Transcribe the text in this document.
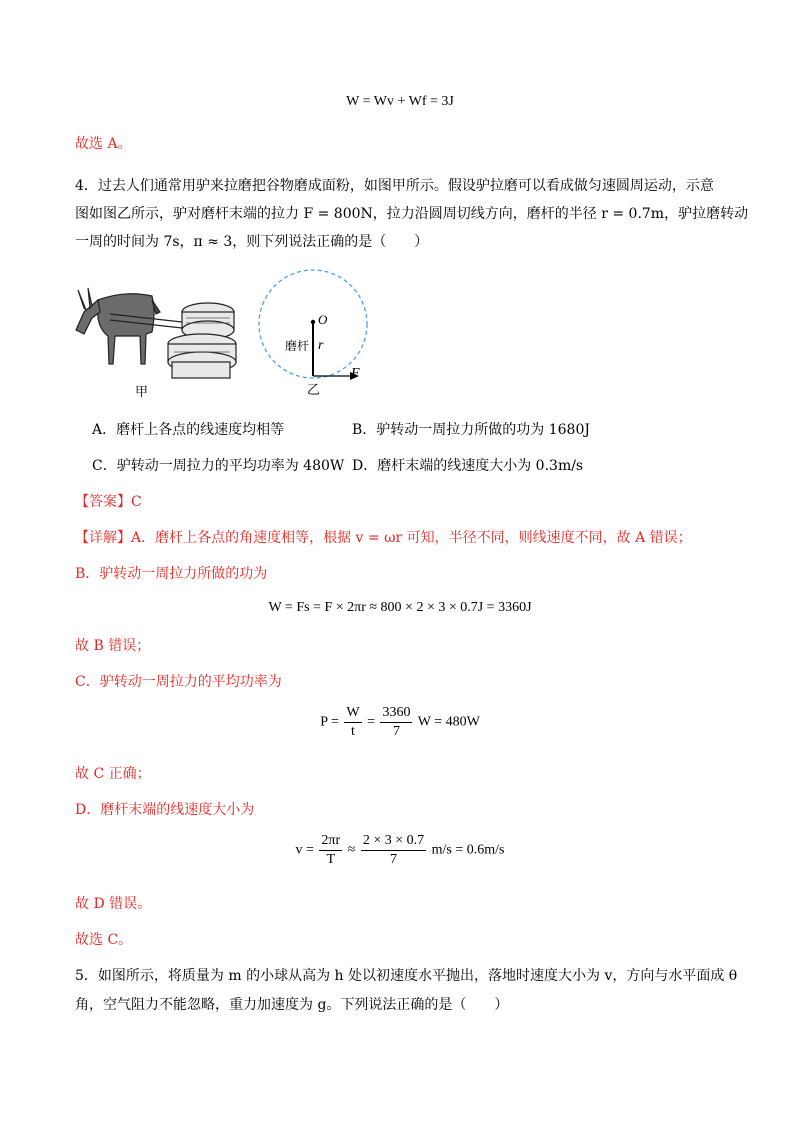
W = Wv + Wf = 3J
故选 A。
4．过去人们通常用驴来拉磨把谷物磨成面粉，如图甲所示。假设驴拉磨可以看成做匀速圆周运动，示意
图如图乙所示，驴对磨杆末端的拉力 F = 800N，拉力沿圆周切线方向，磨杆的半径 r = 0.7m，驴拉磨转动
一周的时间为 7s，π ≈ 3，则下列说法正确的是（　　）
甲
O
磨杆 r
F
乙
A．磨杆上各点的线速度均相等	B．驴转动一周拉力所做的功为 1680J
C．驴转动一周拉力的平均功率为 480W D．磨杆末端的线速度大小为 0.3m/s
【答案】C
【详解】A．磨杆上各点的角速度相等，根据 v = ωr 可知，半径不同，则线速度不同，故 A 错误；
B．驴转动一周拉力所做的功为
W = Fs = F × 2πr ≈ 800 × 2 × 3 × 0.7J = 3360J
故 B 错误；
C．驴转动一周拉力的平均功率为
$P = \frac{W}{t} = \frac{3360}{7}$ W = 480W
故 C 正确；
D．磨杆末端的线速度大小为
$v = \frac{2\pi r}{T} \approx \frac{2 \times 3 \times 0.7}{7} m/s = 0.6m/s$
故 D 错误。
故选 C。
5．如图所示，将质量为 m 的小球从高为 h 处以初速度水平抛出，落地时速度大小为 v，方向与水平面成 θ
角，空气阻力不能忽略，重力加速度为 g。下列说法正确的是（　　）
